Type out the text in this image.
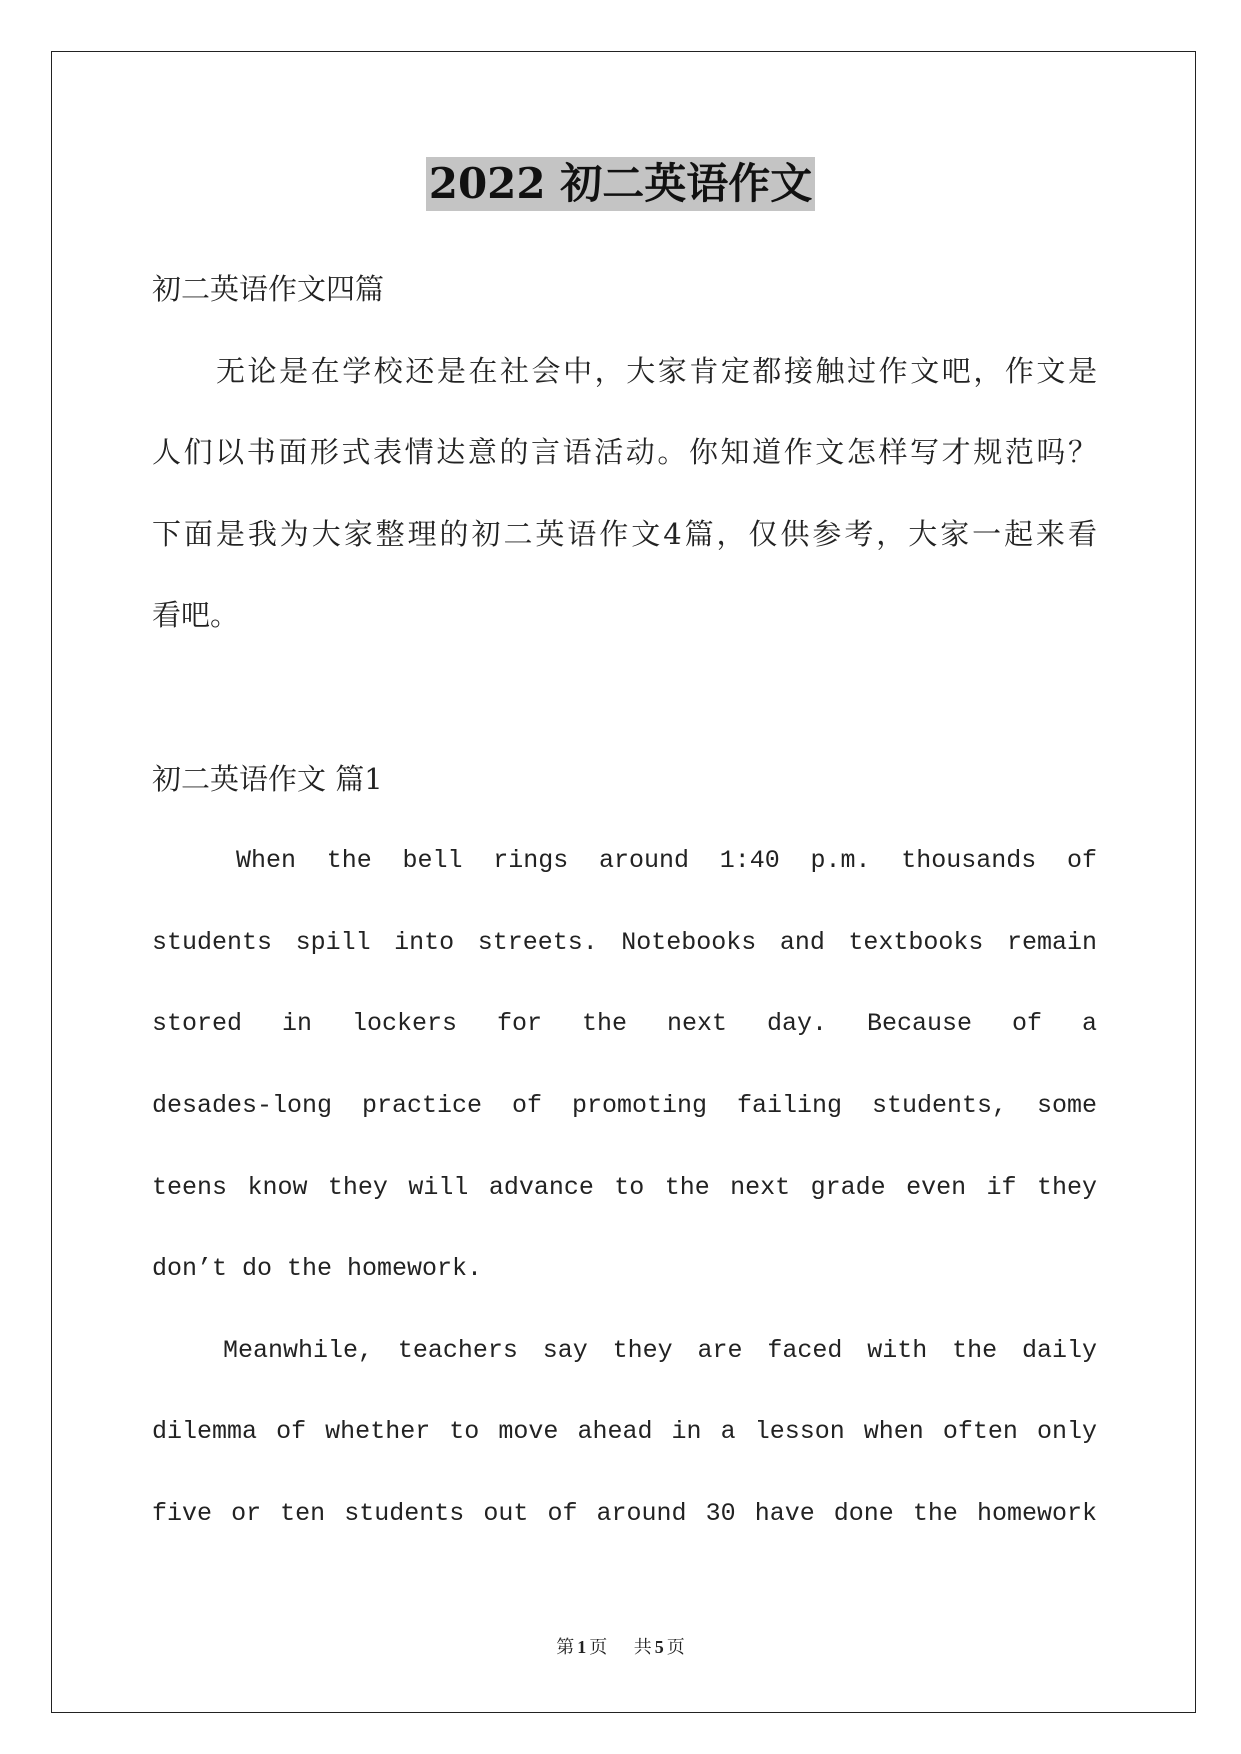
2022 初二英语作文
初二英语作文四篇
无论是在学校还是在社会中，大家肯定都接触过作文吧，作文是
人们以书面形式表情达意的言语活动。你知道作文怎样写才规范吗？
下面是我为大家整理的初二英语作文4篇，仅供参考，大家一起来看
看吧。
初二英语作文 篇1
When the bell rings around 1:40 p.m. thousands of
students spill into streets. Notebooks and textbooks remain
stored in lockers for the next day. Because of a
desades-long practice of promoting failing students, some
teens know they will advance to the next grade even if they
don’t do the homework.
Meanwhile, teachers say they are faced with the daily
dilemma of whether to move ahead in a lesson when often only
five or ten students out of around 30 have done the homework
第 1 页 共 5 页
